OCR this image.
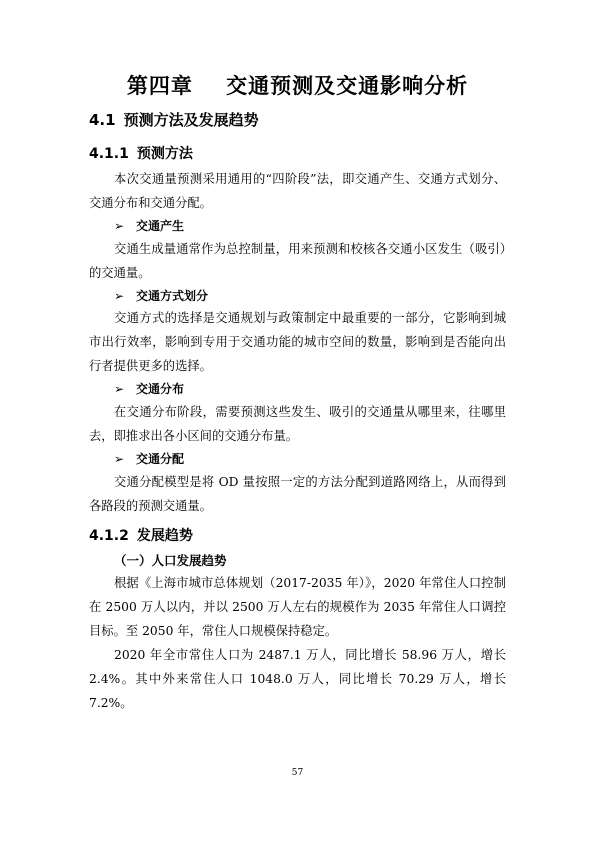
第四章    交通预测及交通影响分析
4.1 预测方法及发展趋势
4.1.1 预测方法

本次交通量预测采用通用的“四阶段”法，即交通产生、交通方式划分、交通分布和交通分配。

➢ 交通产生

交通生成量通常作为总控制量，用来预测和校核各交通小区发生（吸引）的交通量。

➢ 交通方式划分

交通方式的选择是交通规划与政策制定中最重要的一部分，它影响到城市出行效率，影响到专用于交通功能的城市空间的数量，影响到是否能向出行者提供更多的选择。

➢ 交通分布

在交通分布阶段，需要预测这些发生、吸引的交通量从哪里来，往哪里去，即推求出各小区间的交通分布量。

➢ 交通分配

交通分配模型是将 OD 量按照一定的方法分配到道路网络上，从而得到各路段的预测交通量。

4.1.2 发展趋势
（一）人口发展趋势

根据《上海市城市总体规划（2017-2035 年）》，2020 年常住人口控制在 2500 万人以内，并以 2500 万人左右的规模作为 2035 年常住人口调控目标。至 2050 年，常住人口规模保持稳定。

2020 年全市常住人口为 2487.1 万人，同比增长 58.96 万人，增长 2.4%。其中外来常住人口 1048.0 万人，同比增长 70.29 万人，增长 7.2%。

57
